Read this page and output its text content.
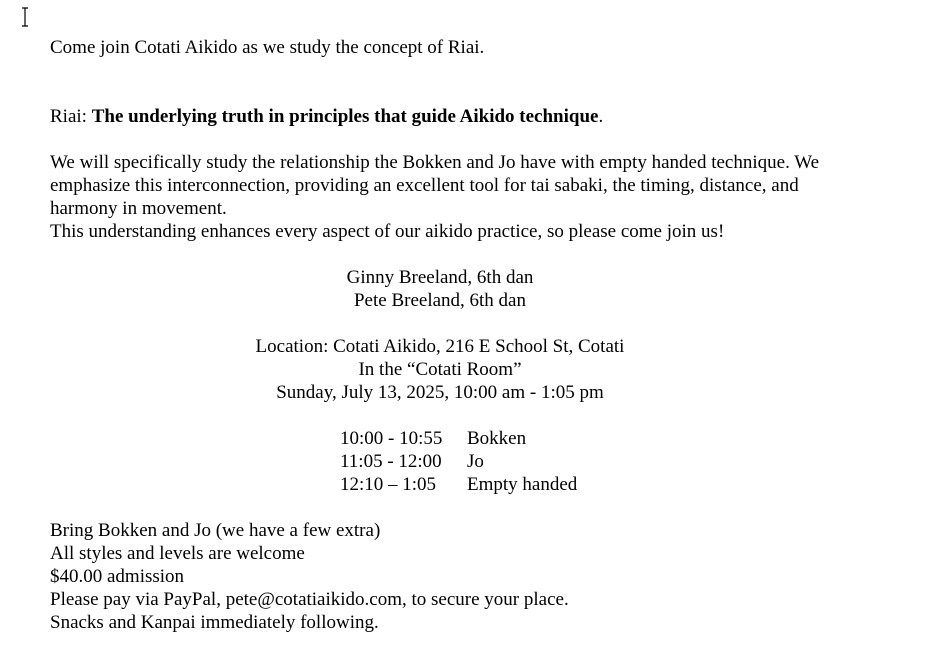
Come join Cotati Aikido as we study the concept of Riai.
Riai: The underlying truth in principles that guide Aikido technique.
We will specifically study the relationship the Bokken and Jo have with empty handed technique. We
emphasize this interconnection, providing an excellent tool for tai sabaki, the timing, distance, and
harmony in movement.
This understanding enhances every aspect of our aikido practice, so please come join us!
Ginny Breeland, 6th dan
Pete Breeland, 6th dan
Location: Cotati Aikido, 216 E School St, Cotati
In the “Cotati Room”
Sunday, July 13, 2025, 10:00 am - 1:05 pm
10:00 - 10:55 Bokken
11:05 - 12:00 Jo
12:10 – 1:05 Empty handed
Bring Bokken and Jo (we have a few extra)
All styles and levels are welcome
$40.00 admission
Please pay via PayPal, pete@cotatiaikido.com, to secure your place.
Snacks and Kanpai immediately following.
